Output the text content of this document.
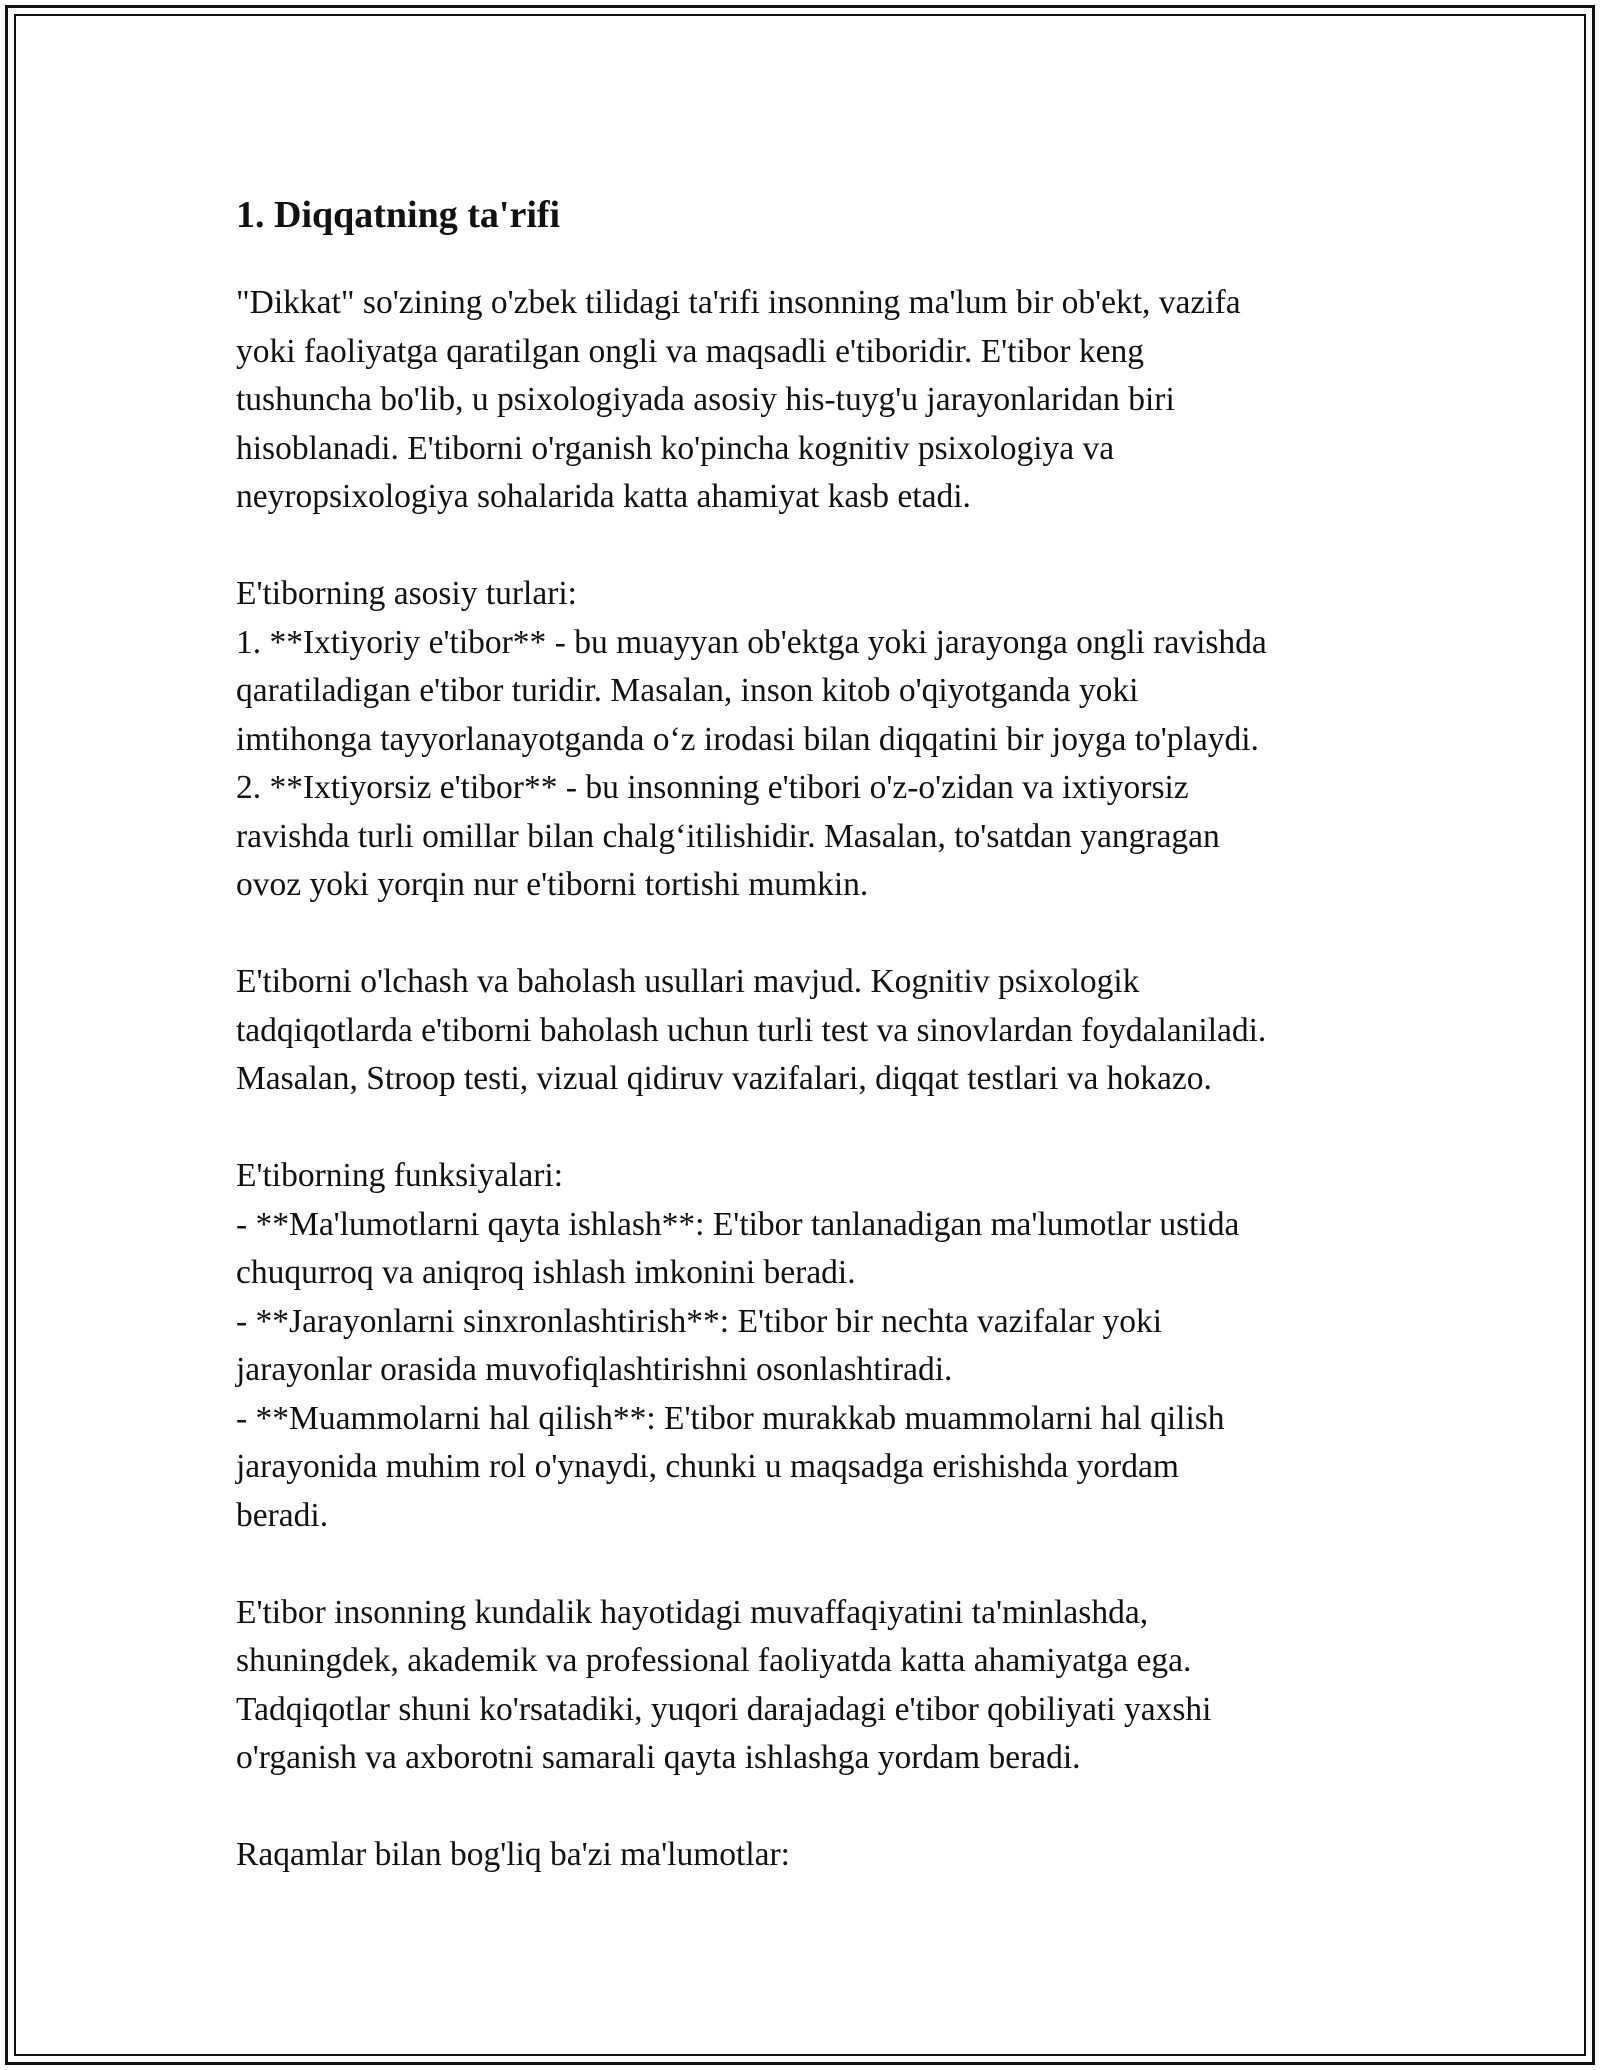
1. Diqqatning ta'rifi

"Dikkat" so'zining o'zbek tilidagi ta'rifi insonning ma'lum bir ob'ekt, vazifa
yoki faoliyatga qaratilgan ongli va maqsadli e'tiboridir. E'tibor keng
tushuncha bo'lib, u psixologiyada asosiy his-tuyg'u jarayonlaridan biri
hisoblanadi. E'tiborni o'rganish ko'pincha kognitiv psixologiya va
neyropsixologiya sohalarida katta ahamiyat kasb etadi.

E'tiborning asosiy turlari:
1. **Ixtiyoriy e'tibor** - bu muayyan ob'ektga yoki jarayonga ongli ravishda
qaratiladigan e'tibor turidir. Masalan, inson kitob o'qiyotganda yoki
imtihonga tayyorlanayotganda o‘z irodasi bilan diqqatini bir joyga to'playdi.
2. **Ixtiyorsiz e'tibor** - bu insonning e'tibori o'z-o'zidan va ixtiyorsiz
ravishda turli omillar bilan chalg‘itilishidir. Masalan, to'satdan yangragan
ovoz yoki yorqin nur e'tiborni tortishi mumkin.

E'tiborni o'lchash va baholash usullari mavjud. Kognitiv psixologik
tadqiqotlarda e'tiborni baholash uchun turli test va sinovlardan foydalaniladi.
Masalan, Stroop testi, vizual qidiruv vazifalari, diqqat testlari va hokazo.

E'tiborning funksiyalari:
- **Ma'lumotlarni qayta ishlash**: E'tibor tanlanadigan ma'lumotlar ustida
chuqurroq va aniqroq ishlash imkonini beradi.
- **Jarayonlarni sinxronlashtirish**: E'tibor bir nechta vazifalar yoki
jarayonlar orasida muvofiqlashtirishni osonlashtiradi.
- **Muammolarni hal qilish**: E'tibor murakkab muammolarni hal qilish
jarayonida muhim rol o'ynaydi, chunki u maqsadga erishishda yordam
beradi.

E'tibor insonning kundalik hayotidagi muvaffaqiyatini ta'minlashda,
shuningdek, akademik va professional faoliyatda katta ahamiyatga ega.
Tadqiqotlar shuni ko'rsatadiki, yuqori darajadagi e'tibor qobiliyati yaxshi
o'rganish va axborotni samarali qayta ishlashga yordam beradi.

Raqamlar bilan bog'liq ba'zi ma'lumotlar:
